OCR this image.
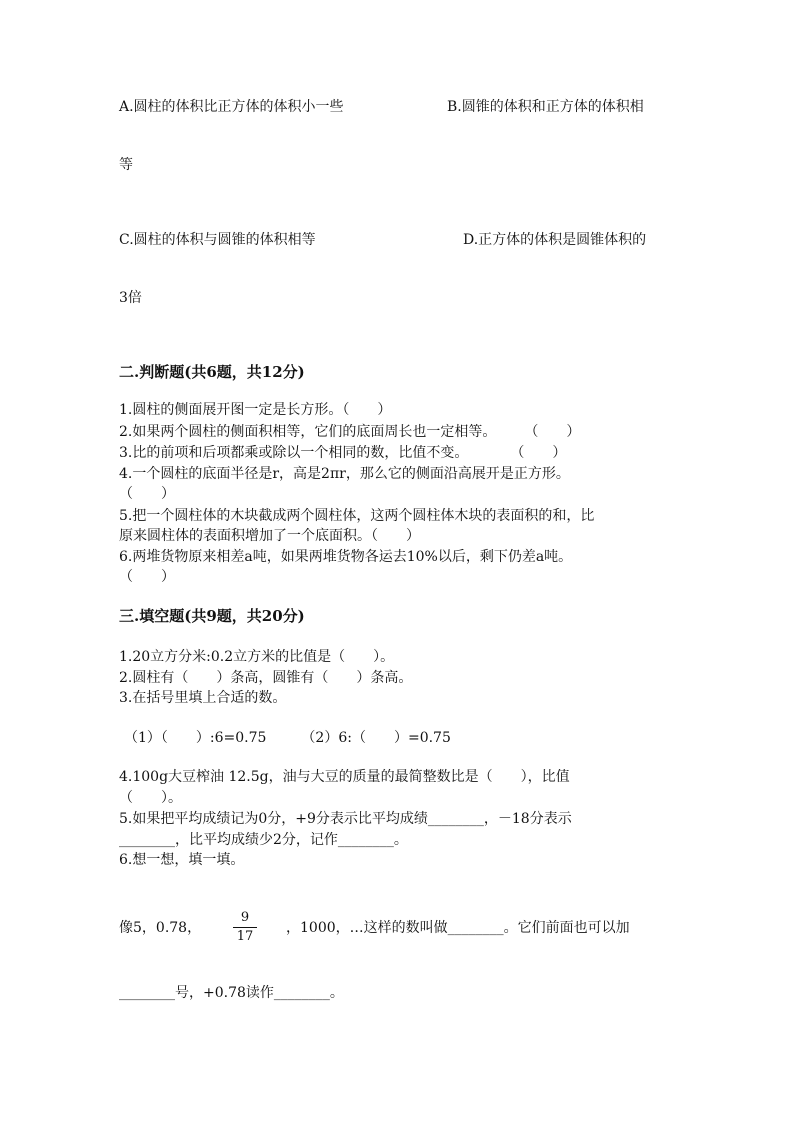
A.圆柱的体积比正方体的体积小一些	B.圆锥的体积和正方体的体积相
等
C.圆柱的体积与圆锥的体积相等	D.正方体的体积是圆锥体积的
3倍
二.判断题(共6题，共12分)
1.圆柱的侧面展开图一定是长方形。（　　）
2.如果两个圆柱的侧面积相等，它们的底面周长也一定相等。　　　（　　）
3.比的前项和后项都乘或除以一个相同的数，比值不变。　　　　（　　）
4.一个圆柱的底面半径是r，高是2πr，那么它的侧面沿高展开是正方形。
（　　）
5.把一个圆柱体的木块截成两个圆柱体，这两个圆柱体木块的表面积的和，比
原来圆柱体的表面积增加了一个底面积。（　　）
6.两堆货物原来相差a吨，如果两堆货物各运去10%以后，剩下仍差a吨。
（　　）
三.填空题(共9题，共20分)
1.20立方分米:0.2立方米的比值是（　　）。
2.圆柱有（　　）条高，圆锥有（　　）条高。
3.在括号里填上合适的数。
（1）（　　）:6=0.75　　　（2）6:（　　）=0.75
4.100g大豆榨油 12.5g，油与大豆的质量的最简整数比是（　　），比值
（　　）。
5.如果把平均成绩记为0分，+9分表示比平均成绩________，－18分表示
________，比平均成绩少2分，记作________。
6.想一想，填一填。
像5，0.78，
9
17
，1000，…这样的数叫做________。它们前面也可以加
________号，+0.78读作________。
